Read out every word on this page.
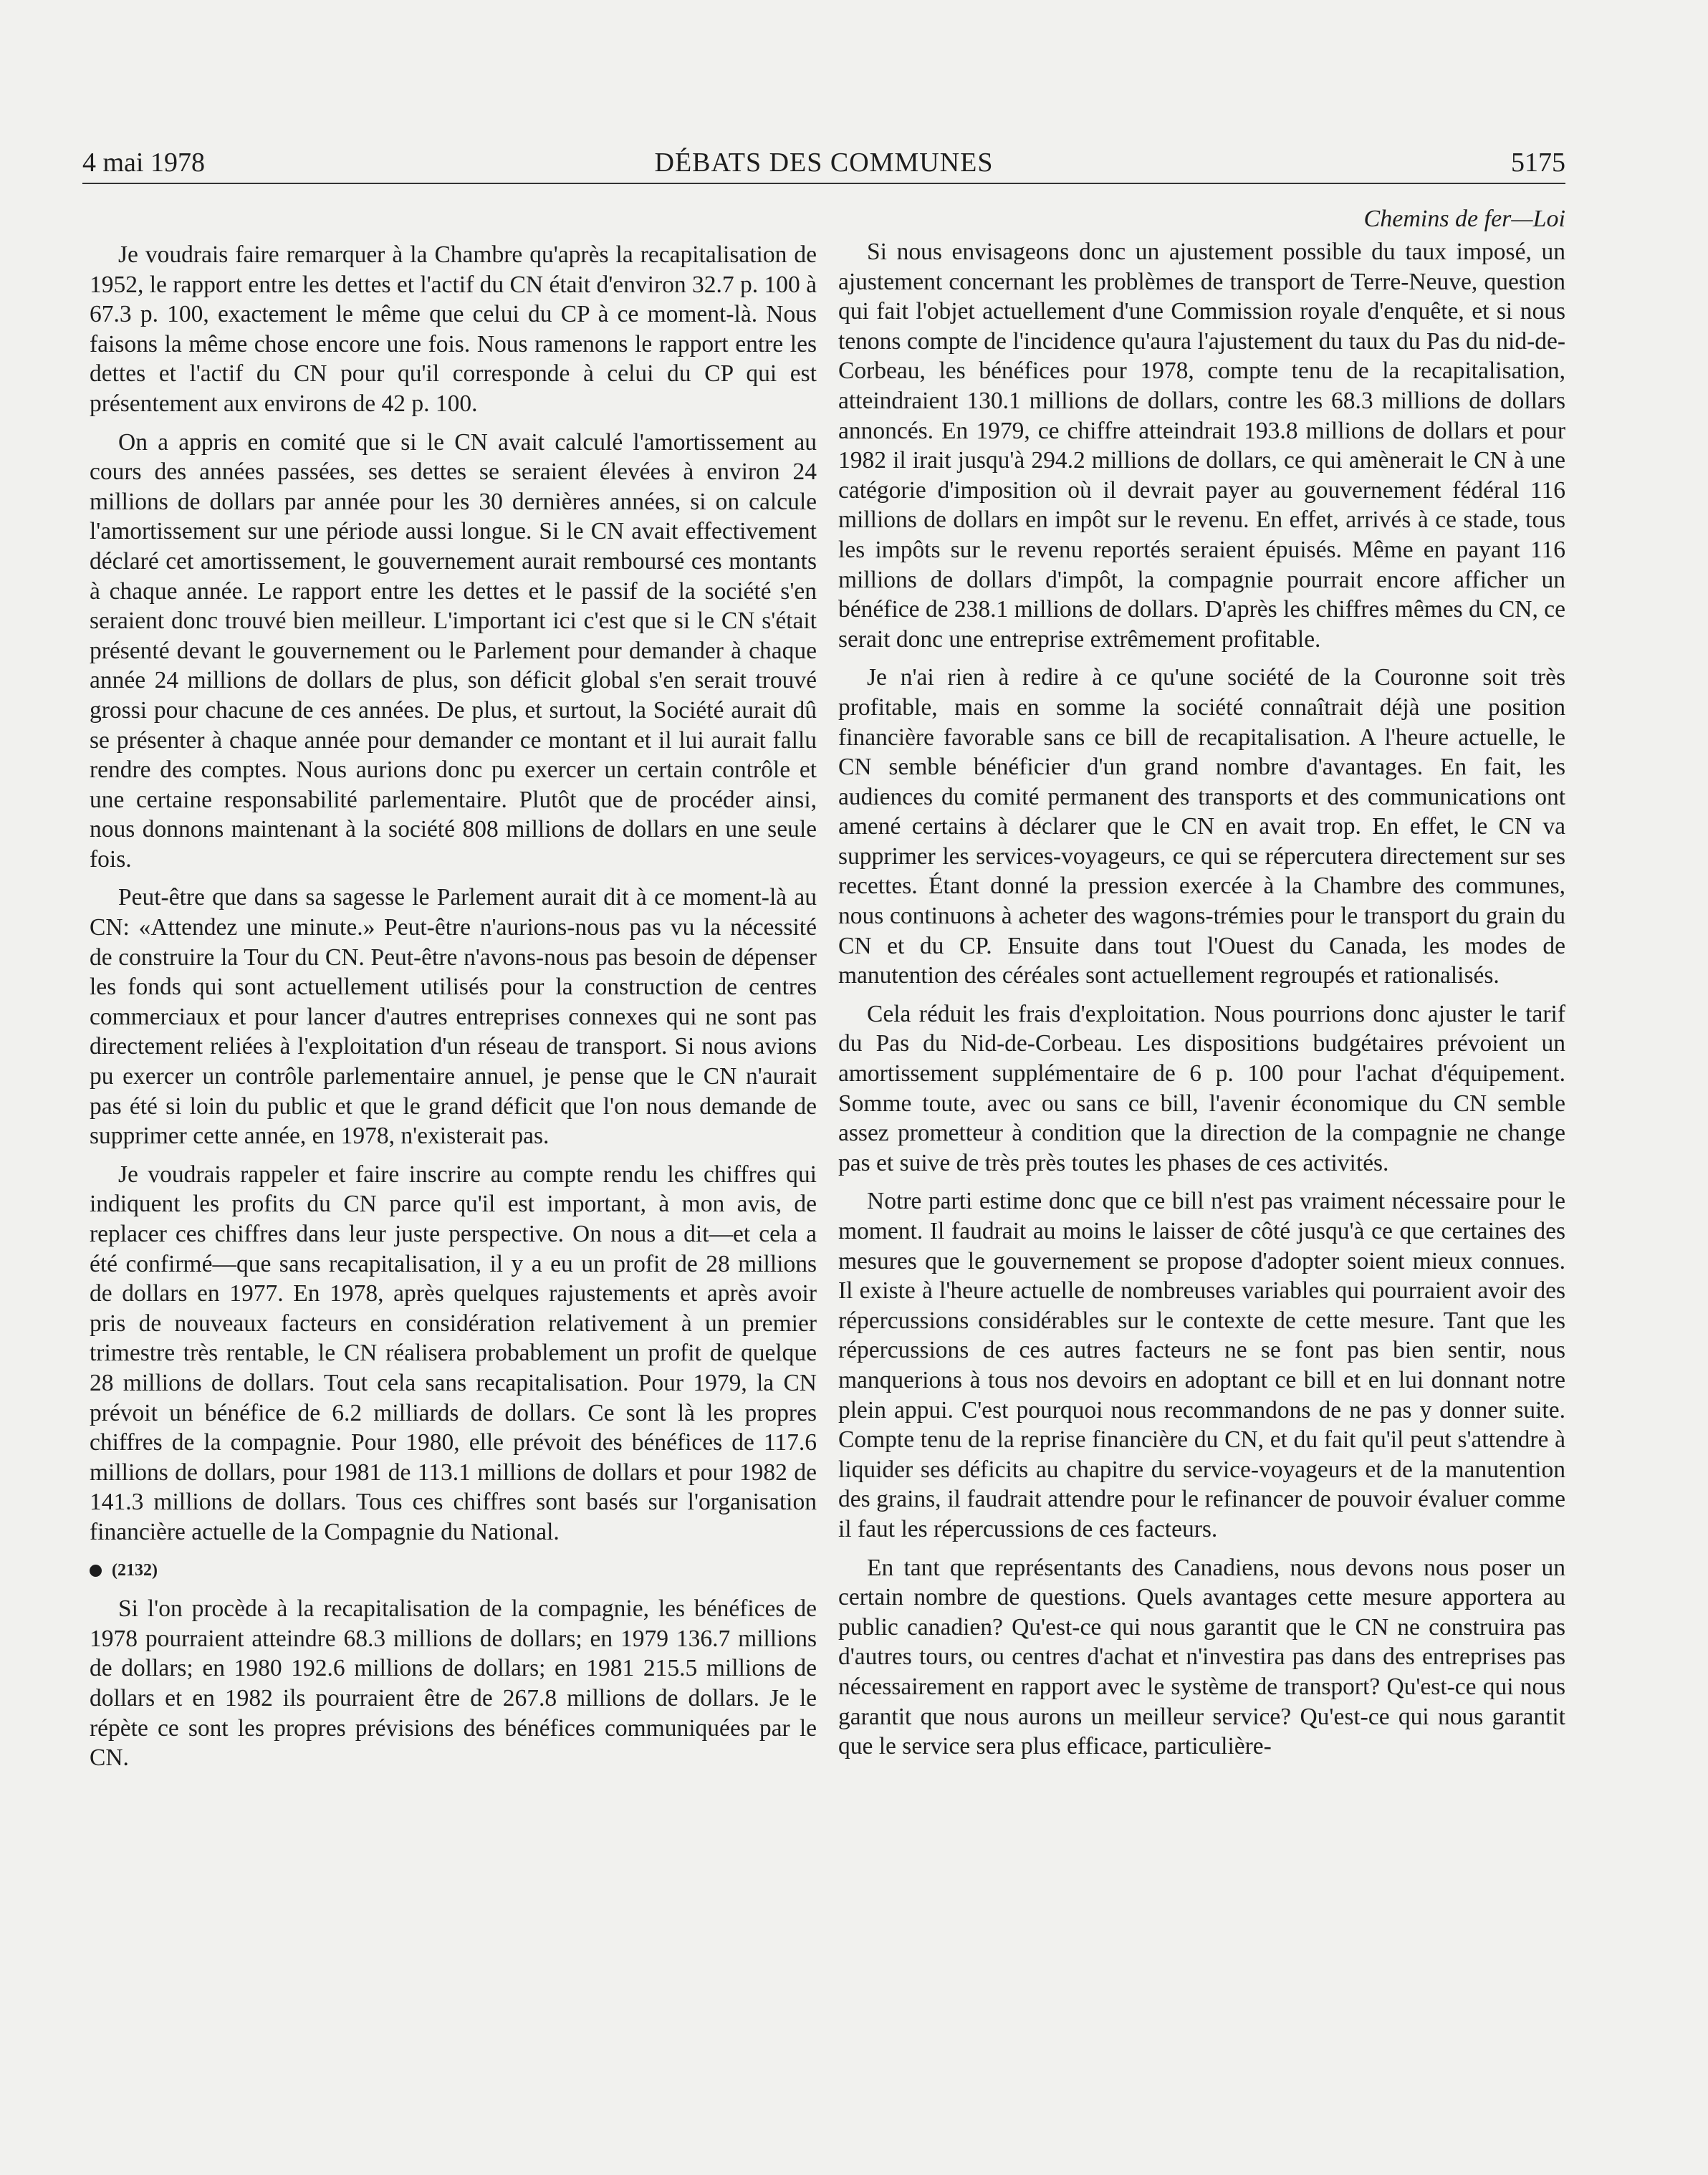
DÉBATS DES COMMUNES
4 mai 1978	5175

Je voudrais faire remarquer à la Chambre qu'après la recapitalisation de 1952, le rapport entre les dettes et l'actif du CN était d'environ 32.7 p. 100 à 67.3 p. 100, exactement le même que celui du CP à ce moment-là. Nous faisons la même chose encore une fois. Nous ramenons le rapport entre les dettes et l'actif du CN pour qu'il corresponde à celui du CP qui est présentement aux environs de 42 p. 100.

On a appris en comité que si le CN avait calculé l'amortissement au cours des années passées, ses dettes se seraient élevées à environ 24 millions de dollars par année pour les 30 dernières années, si on calcule l'amortissement sur une période aussi longue. Si le CN avait effectivement déclaré cet amortissement, le gouvernement aurait remboursé ces montants à chaque année. Le rapport entre les dettes et le passif de la société s'en seraient donc trouvé bien meilleur. L'important ici c'est que si le CN s'était présenté devant le gouvernement ou le Parlement pour demander à chaque année 24 millions de dollars de plus, son déficit global s'en serait trouvé grossi pour chacune de ces années. De plus, et surtout, la Société aurait dû se présenter à chaque année pour demander ce montant et il lui aurait fallu rendre des comptes. Nous aurions donc pu exercer un certain contrôle et une certaine responsabilité parlementaire. Plutôt que de procéder ainsi, nous donnons maintenant à la société 808 millions de dollars en une seule fois.

Peut-être que dans sa sagesse le Parlement aurait dit à ce moment-là au CN: «Attendez une minute.» Peut-être n'aurions-nous pas vu la nécessité de construire la Tour du CN. Peut-être n'avons-nous pas besoin de dépenser les fonds qui sont actuellement utilisés pour la construction de centres commerciaux et pour lancer d'autres entreprises connexes qui ne sont pas directement reliées à l'exploitation d'un réseau de transport. Si nous avions pu exercer un contrôle parlementaire annuel, je pense que le CN n'aurait pas été si loin du public et que le grand déficit que l'on nous demande de supprimer cette année, en 1978, n'existerait pas.

Je voudrais rappeler et faire inscrire au compte rendu les chiffres qui indiquent les profits du CN parce qu'il est important, à mon avis, de replacer ces chiffres dans leur juste perspective. On nous a dit—et cela a été confirmé—que sans recapitalisation, il y a eu un profit de 28 millions de dollars en 1977. En 1978, après quelques rajustements et après avoir pris de nouveaux facteurs en considération relativement à un premier trimestre très rentable, le CN réalisera probablement un profit de quelque 28 millions de dollars. Tout cela sans recapitalisation. Pour 1979, la CN prévoit un bénéfice de 6.2 milliards de dollars. Ce sont là les propres chiffres de la compagnie. Pour 1980, elle prévoit des bénéfices de 117.6 millions de dollars, pour 1981 de 113.1 millions de dollars et pour 1982 de 141.3 millions de dollars. Tous ces chiffres sont basés sur l'organisation financière actuelle de la Compagnie du National.

(2132)

Si l'on procède à la recapitalisation de la compagnie, les bénéfices de 1978 pourraient atteindre 68.3 millions de dollars; en 1979 136.7 millions de dollars; en 1980 192.6 millions de dollars; en 1981 215.5 millions de dollars et en 1982 ils pourraient être de 267.8 millions de dollars. Je le répète ce sont les propres prévisions des bénéfices communiquées par le CN.

Chemins de fer—Loi

Si nous envisageons donc un ajustement possible du taux imposé, un ajustement concernant les problèmes de transport de Terre-Neuve, question qui fait l'objet actuellement d'une Commission royale d'enquête, et si nous tenons compte de l'incidence qu'aura l'ajustement du taux du Pas du nid-de-Corbeau, les bénéfices pour 1978, compte tenu de la recapitalisation, atteindraient 130.1 millions de dollars, contre les 68.3 millions de dollars annoncés. En 1979, ce chiffre atteindrait 193.8 millions de dollars et pour 1982 il irait jusqu'à 294.2 millions de dollars, ce qui amènerait le CN à une catégorie d'imposition où il devrait payer au gouvernement fédéral 116 millions de dollars en impôt sur le revenu. En effet, arrivés à ce stade, tous les impôts sur le revenu reportés seraient épuisés. Même en payant 116 millions de dollars d'impôt, la compagnie pourrait encore afficher un bénéfice de 238.1 millions de dollars. D'après les chiffres mêmes du CN, ce serait donc une entreprise extrêmement profitable.

Je n'ai rien à redire à ce qu'une société de la Couronne soit très profitable, mais en somme la société connaîtrait déjà une position financière favorable sans ce bill de recapitalisation. A l'heure actuelle, le CN semble bénéficier d'un grand nombre d'avantages. En fait, les audiences du comité permanent des transports et des communications ont amené certains à déclarer que le CN en avait trop. En effet, le CN va supprimer les services-voyageurs, ce qui se répercutera directement sur ses recettes. Étant donné la pression exercée à la Chambre des communes, nous continuons à acheter des wagons-trémies pour le transport du grain du CN et du CP. Ensuite dans tout l'Ouest du Canada, les modes de manutention des céréales sont actuellement regroupés et rationalisés.

Cela réduit les frais d'exploitation. Nous pourrions donc ajuster le tarif du Pas du Nid-de-Corbeau. Les dispositions budgétaires prévoient un amortissement supplémentaire de 6 p. 100 pour l'achat d'équipement. Somme toute, avec ou sans ce bill, l'avenir économique du CN semble assez prometteur à condition que la direction de la compagnie ne change pas et suive de très près toutes les phases de ces activités.

Notre parti estime donc que ce bill n'est pas vraiment nécessaire pour le moment. Il faudrait au moins le laisser de côté jusqu'à ce que certaines des mesures que le gouvernement se propose d'adopter soient mieux connues. Il existe à l'heure actuelle de nombreuses variables qui pourraient avoir des répercussions considérables sur le contexte de cette mesure. Tant que les répercussions de ces autres facteurs ne se font pas bien sentir, nous manquerions à tous nos devoirs en adoptant ce bill et en lui donnant notre plein appui. C'est pourquoi nous recommandons de ne pas y donner suite. Compte tenu de la reprise financière du CN, et du fait qu'il peut s'attendre à liquider ses déficits au chapitre du service-voyageurs et de la manutention des grains, il faudrait attendre pour le refinancer de pouvoir évaluer comme il faut les répercussions de ces facteurs.

En tant que représentants des Canadiens, nous devons nous poser un certain nombre de questions. Quels avantages cette mesure apportera au public canadien? Qu'est-ce qui nous garantit que le CN ne construira pas d'autres tours, ou centres d'achat et n'investira pas dans des entreprises pas nécessairement en rapport avec le système de transport? Qu'est-ce qui nous garantit que nous aurons un meilleur service? Qu'est-ce qui nous garantit que le service sera plus efficace, particulière-
